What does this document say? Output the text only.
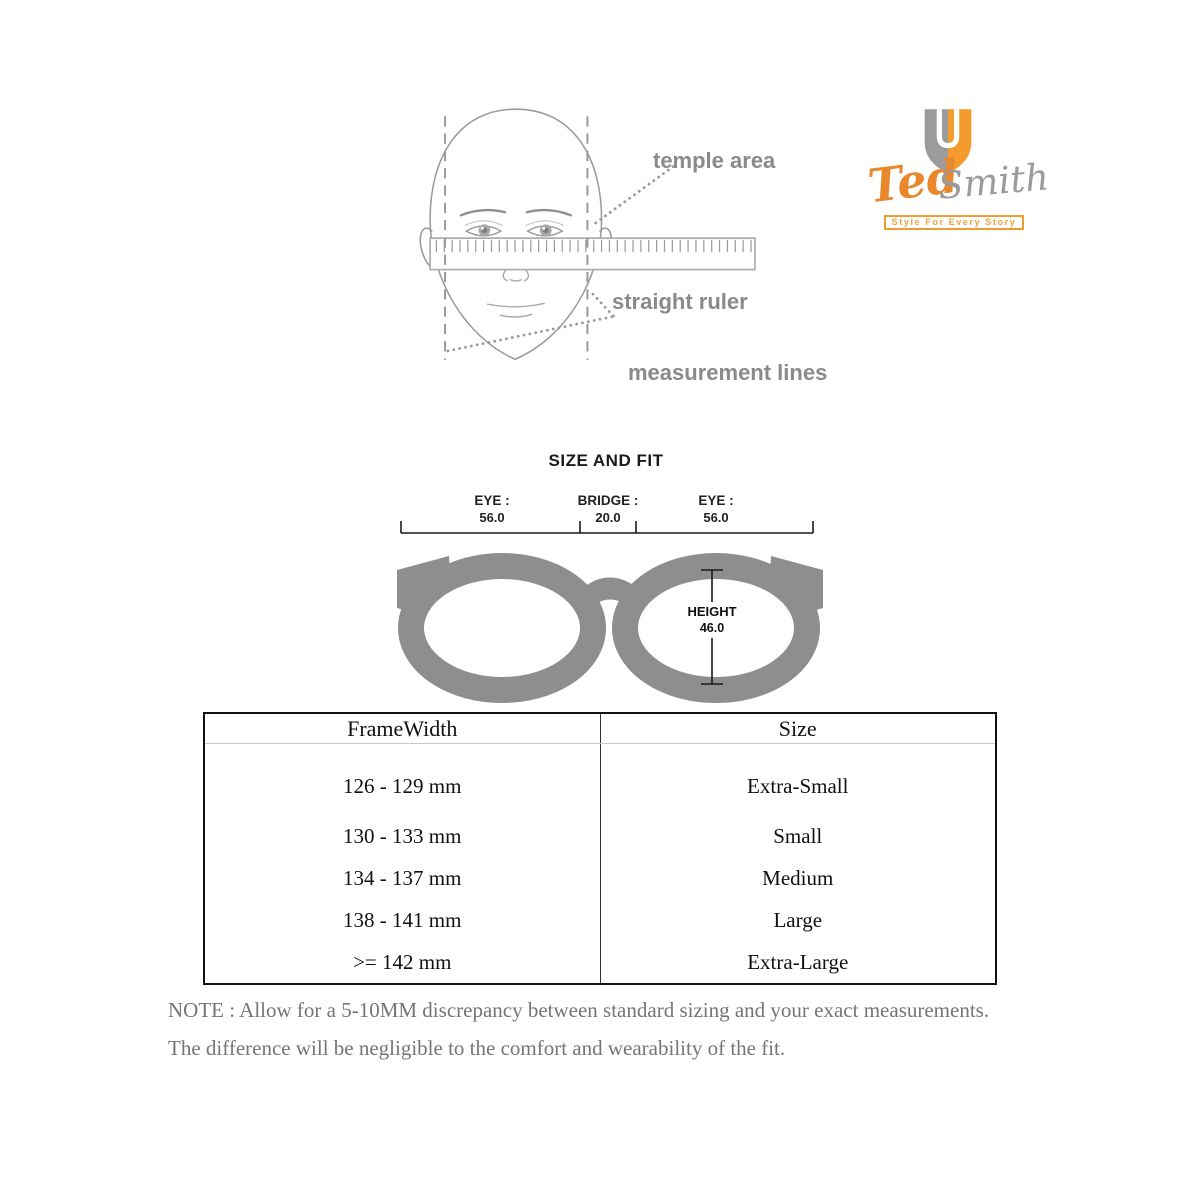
temple area
straight ruler
measurement lines
Ted
Smith
Style For Every Story
SIZE AND FIT
EYE :
56.0
BRIDGE :
20.0
EYE :
56.0
HEIGHT
46.0
FrameWidth	Size
126 - 129 mm	Extra-Small
130 - 133 mm	Small
134 - 137 mm	Medium
138 - 141 mm	Large
>= 142 mm	Extra-Large
NOTE : Allow for a 5-10MM discrepancy between standard sizing and your exact measurements.
The difference will be negligible to the comfort and wearability of the fit.
